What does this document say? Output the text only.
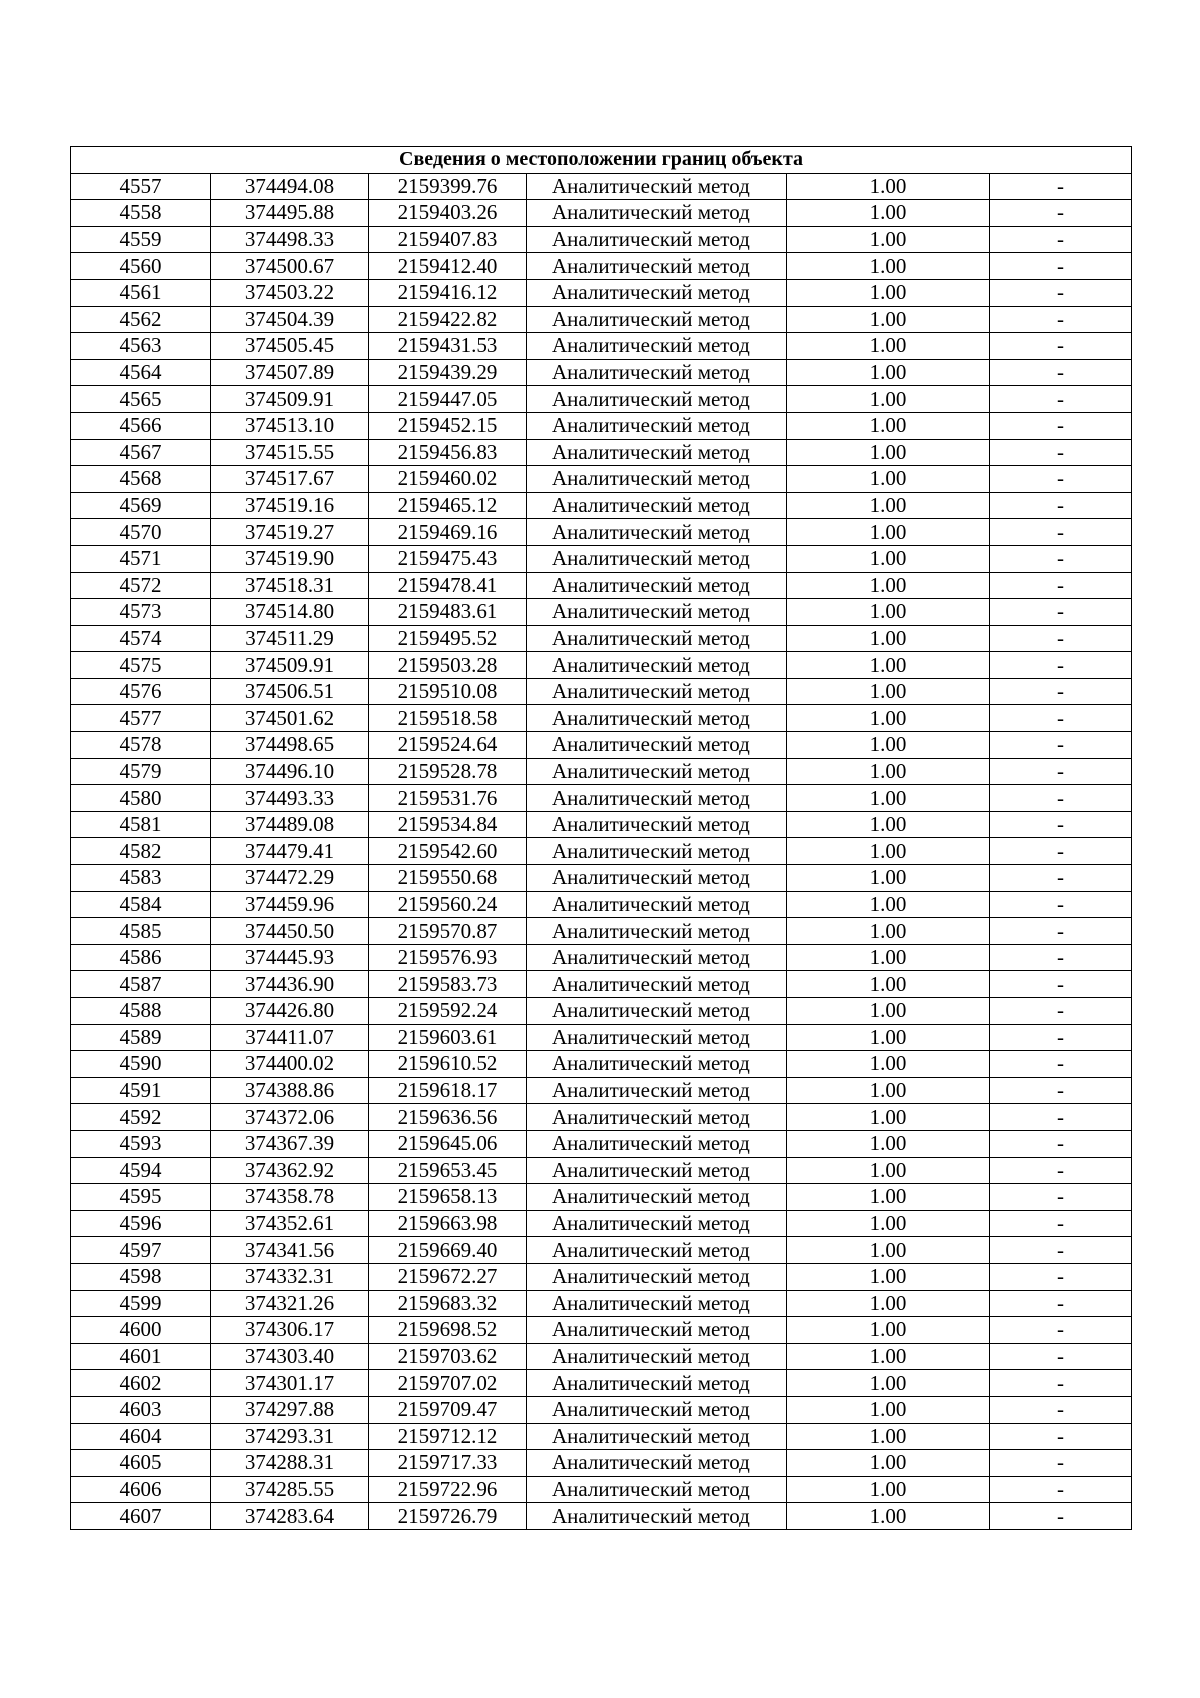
Сведения о местоположении границ объекта					
4557	374494.08	2159399.76	Аналитический метод	1.00	-
4558	374495.88	2159403.26	Аналитический метод	1.00	-
4559	374498.33	2159407.83	Аналитический метод	1.00	-
4560	374500.67	2159412.40	Аналитический метод	1.00	-
4561	374503.22	2159416.12	Аналитический метод	1.00	-
4562	374504.39	2159422.82	Аналитический метод	1.00	-
4563	374505.45	2159431.53	Аналитический метод	1.00	-
4564	374507.89	2159439.29	Аналитический метод	1.00	-
4565	374509.91	2159447.05	Аналитический метод	1.00	-
4566	374513.10	2159452.15	Аналитический метод	1.00	-
4567	374515.55	2159456.83	Аналитический метод	1.00	-
4568	374517.67	2159460.02	Аналитический метод	1.00	-
4569	374519.16	2159465.12	Аналитический метод	1.00	-
4570	374519.27	2159469.16	Аналитический метод	1.00	-
4571	374519.90	2159475.43	Аналитический метод	1.00	-
4572	374518.31	2159478.41	Аналитический метод	1.00	-
4573	374514.80	2159483.61	Аналитический метод	1.00	-
4574	374511.29	2159495.52	Аналитический метод	1.00	-
4575	374509.91	2159503.28	Аналитический метод	1.00	-
4576	374506.51	2159510.08	Аналитический метод	1.00	-
4577	374501.62	2159518.58	Аналитический метод	1.00	-
4578	374498.65	2159524.64	Аналитический метод	1.00	-
4579	374496.10	2159528.78	Аналитический метод	1.00	-
4580	374493.33	2159531.76	Аналитический метод	1.00	-
4581	374489.08	2159534.84	Аналитический метод	1.00	-
4582	374479.41	2159542.60	Аналитический метод	1.00	-
4583	374472.29	2159550.68	Аналитический метод	1.00	-
4584	374459.96	2159560.24	Аналитический метод	1.00	-
4585	374450.50	2159570.87	Аналитический метод	1.00	-
4586	374445.93	2159576.93	Аналитический метод	1.00	-
4587	374436.90	2159583.73	Аналитический метод	1.00	-
4588	374426.80	2159592.24	Аналитический метод	1.00	-
4589	374411.07	2159603.61	Аналитический метод	1.00	-
4590	374400.02	2159610.52	Аналитический метод	1.00	-
4591	374388.86	2159618.17	Аналитический метод	1.00	-
4592	374372.06	2159636.56	Аналитический метод	1.00	-
4593	374367.39	2159645.06	Аналитический метод	1.00	-
4594	374362.92	2159653.45	Аналитический метод	1.00	-
4595	374358.78	2159658.13	Аналитический метод	1.00	-
4596	374352.61	2159663.98	Аналитический метод	1.00	-
4597	374341.56	2159669.40	Аналитический метод	1.00	-
4598	374332.31	2159672.27	Аналитический метод	1.00	-
4599	374321.26	2159683.32	Аналитический метод	1.00	-
4600	374306.17	2159698.52	Аналитический метод	1.00	-
4601	374303.40	2159703.62	Аналитический метод	1.00	-
4602	374301.17	2159707.02	Аналитический метод	1.00	-
4603	374297.88	2159709.47	Аналитический метод	1.00	-
4604	374293.31	2159712.12	Аналитический метод	1.00	-
4605	374288.31	2159717.33	Аналитический метод	1.00	-
4606	374285.55	2159722.96	Аналитический метод	1.00	-
4607	374283.64	2159726.79	Аналитический метод	1.00	-
